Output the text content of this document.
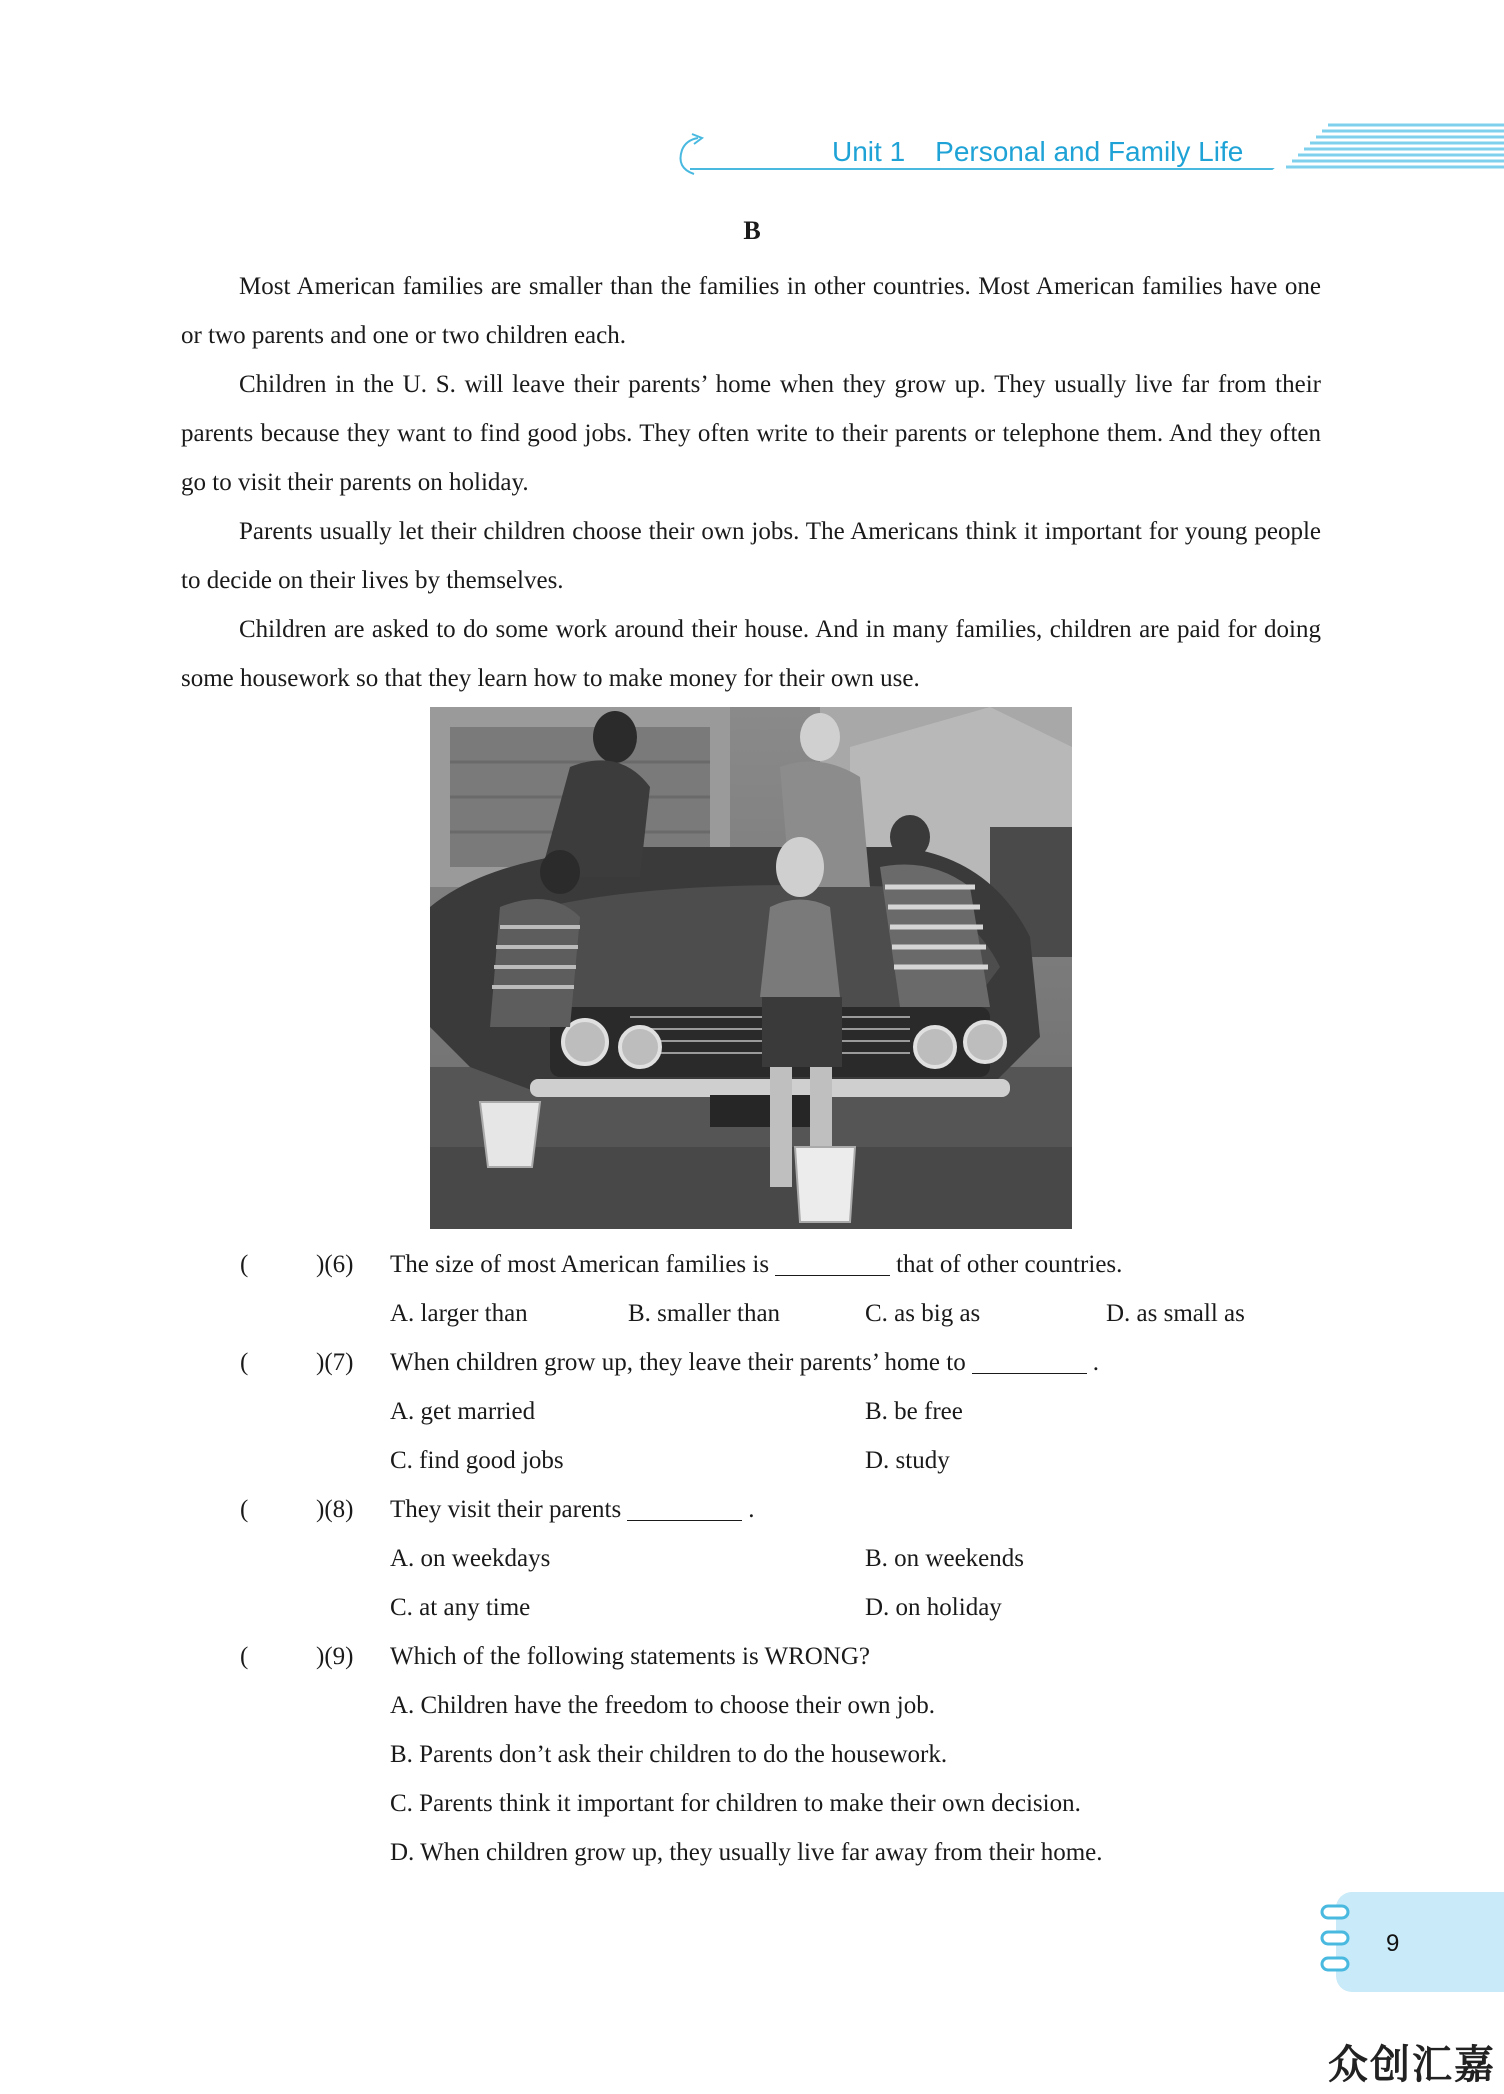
Unit 1 Personal and Family Life
B

Most American families are smaller than the families in other countries. Most American families have one or two parents and one or two children each.

Children in the U. S. will leave their parents’ home when they grow up. They usually live far from their parents because they want to find good jobs. They often write to their parents or telephone them. And they often go to visit their parents on holiday.

Parents usually let their children choose their own jobs. The Americans think it important for young people to decide on their lives by themselves.

Children are asked to do some work around their house. And in many families, children are paid for doing some housework so that they learn how to make money for their own use.

(	)(6) The size of most American families is	that of other countries.
A. larger than	B. smaller than	C. as big as	D. as small as
(	)(7) When children grow up, they leave their parents’ home to	.
A. get married	B. be free
C. find good jobs	D. study
(	)(8) They visit their parents	.
A. on weekdays	B. on weekends
C. at any time	D. on holiday
(	)(9) Which of the following statements is WRONG?
A. Children have the freedom to choose their own job.
B. Parents don’t ask their children to do the housework.
C. Parents think it important for children to make their own decision.
D. When children grow up, they usually live far away from their home.
9
众创汇嘉
